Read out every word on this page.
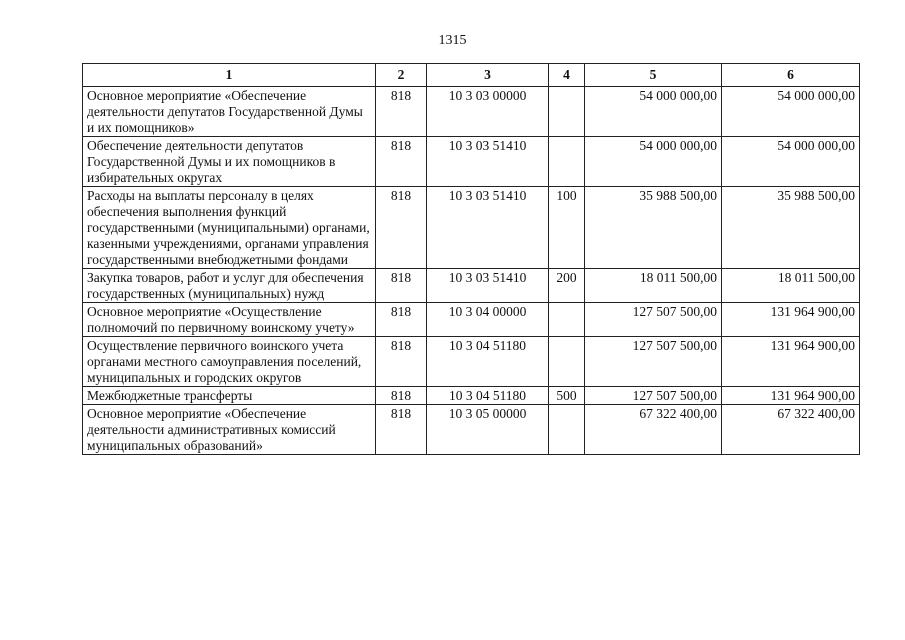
1315
1	2	3	4	5	6
Основное мероприятие «Обеспечение деятельности депутатов Государственной Думы и их помощников»	818	10 3 03 00000		54 000 000,00	54 000 000,00
Обеспечение деятельности депутатов Государственной Думы и их помощников в избирательных округах	818	10 3 03 51410		54 000 000,00	54 000 000,00
Расходы на выплаты персоналу в целях обеспечения выполнения функций государственными (муниципальными) органами, казенными учреждениями, органами управления государственными внебюджетными фондами	818	10 3 03 51410	100	35 988 500,00	35 988 500,00
Закупка товаров, работ и услуг для обеспечения государственных (муниципальных) нужд	818	10 3 03 51410	200	18 011 500,00	18 011 500,00
Основное мероприятие «Осуществление полномочий по первичному воинскому учету»	818	10 3 04 00000		127 507 500,00	131 964 900,00
Осуществление первичного воинского учета органами местного самоуправления поселений, муниципальных и городских округов	818	10 3 04 51180		127 507 500,00	131 964 900,00
Межбюджетные трансферты	818	10 3 04 51180	500	127 507 500,00	131 964 900,00
Основное мероприятие «Обеспечение деятельности административных комиссий муниципальных образований»	818	10 3 05 00000		67 322 400,00	67 322 400,00
